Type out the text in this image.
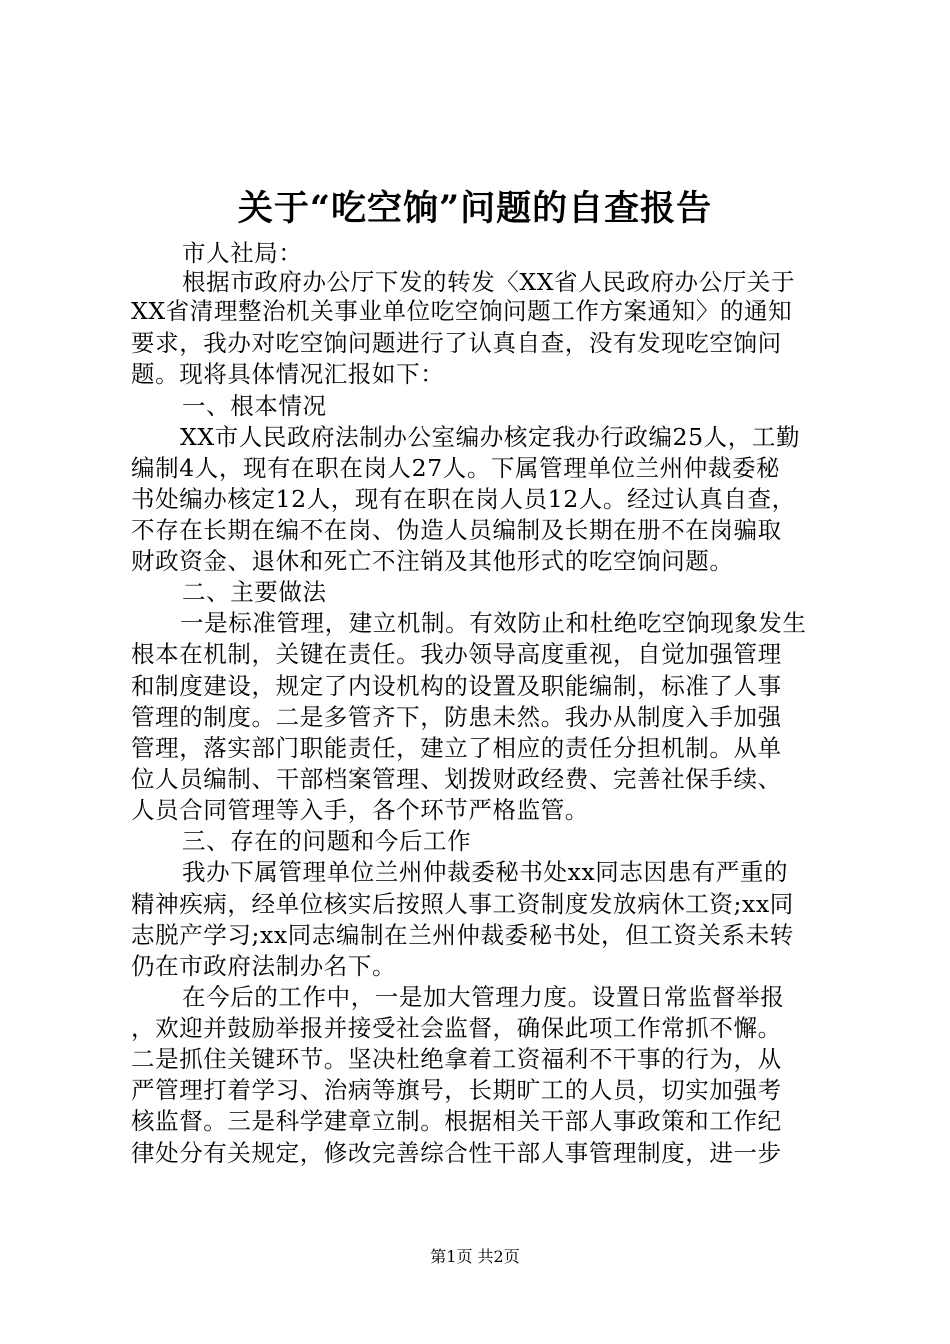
关于“吃空饷”问题的自查报告
市人社局：
根据市政府办公厅下发的转发〈XX省人民政府办公厅关于
XX省清理整治机关事业单位吃空饷问题工作方案通知〉的通知
要求，我办对吃空饷问题进行了认真自查，没有发现吃空饷问
题。现将具体情况汇报如下：
一、根本情况
XX市人民政府法制办公室编办核定我办行政编25人，工勤
编制4人，现有在职在岗人27人。下属管理单位兰州仲裁委秘
书处编办核定12人，现有在职在岗人员12人。经过认真自查，
不存在长期在编不在岗、伪造人员编制及长期在册不在岗骗取
财政资金、退休和死亡不注销及其他形式的吃空饷问题。
二、主要做法
一是标准管理，建立机制。有效防止和杜绝吃空饷现象发生
根本在机制，关键在责任。我办领导高度重视，自觉加强管理
和制度建设，规定了内设机构的设置及职能编制，标准了人事
管理的制度。二是多管齐下，防患未然。我办从制度入手加强
管理，落实部门职能责任，建立了相应的责任分担机制。从单
位人员编制、干部档案管理、划拨财政经费、完善社保手续、
人员合同管理等入手，各个环节严格监管。
三、存在的问题和今后工作
我办下属管理单位兰州仲裁委秘书处xx同志因患有严重的
精神疾病，经单位核实后按照人事工资制度发放病休工资;xx同
志脱产学习;xx同志编制在兰州仲裁委秘书处，但工资关系未转
仍在市政府法制办名下。
在今后的工作中，一是加大管理力度。设置日常监督举报
，欢迎并鼓励举报并接受社会监督，确保此项工作常抓不懈。
二是抓住关键环节。坚决杜绝拿着工资福利不干事的行为，从
严管理打着学习、治病等旗号，长期旷工的人员，切实加强考
核监督。三是科学建章立制。根据相关干部人事政策和工作纪
律处分有关规定，修改完善综合性干部人事管理制度，进一步
第1页 共2页
